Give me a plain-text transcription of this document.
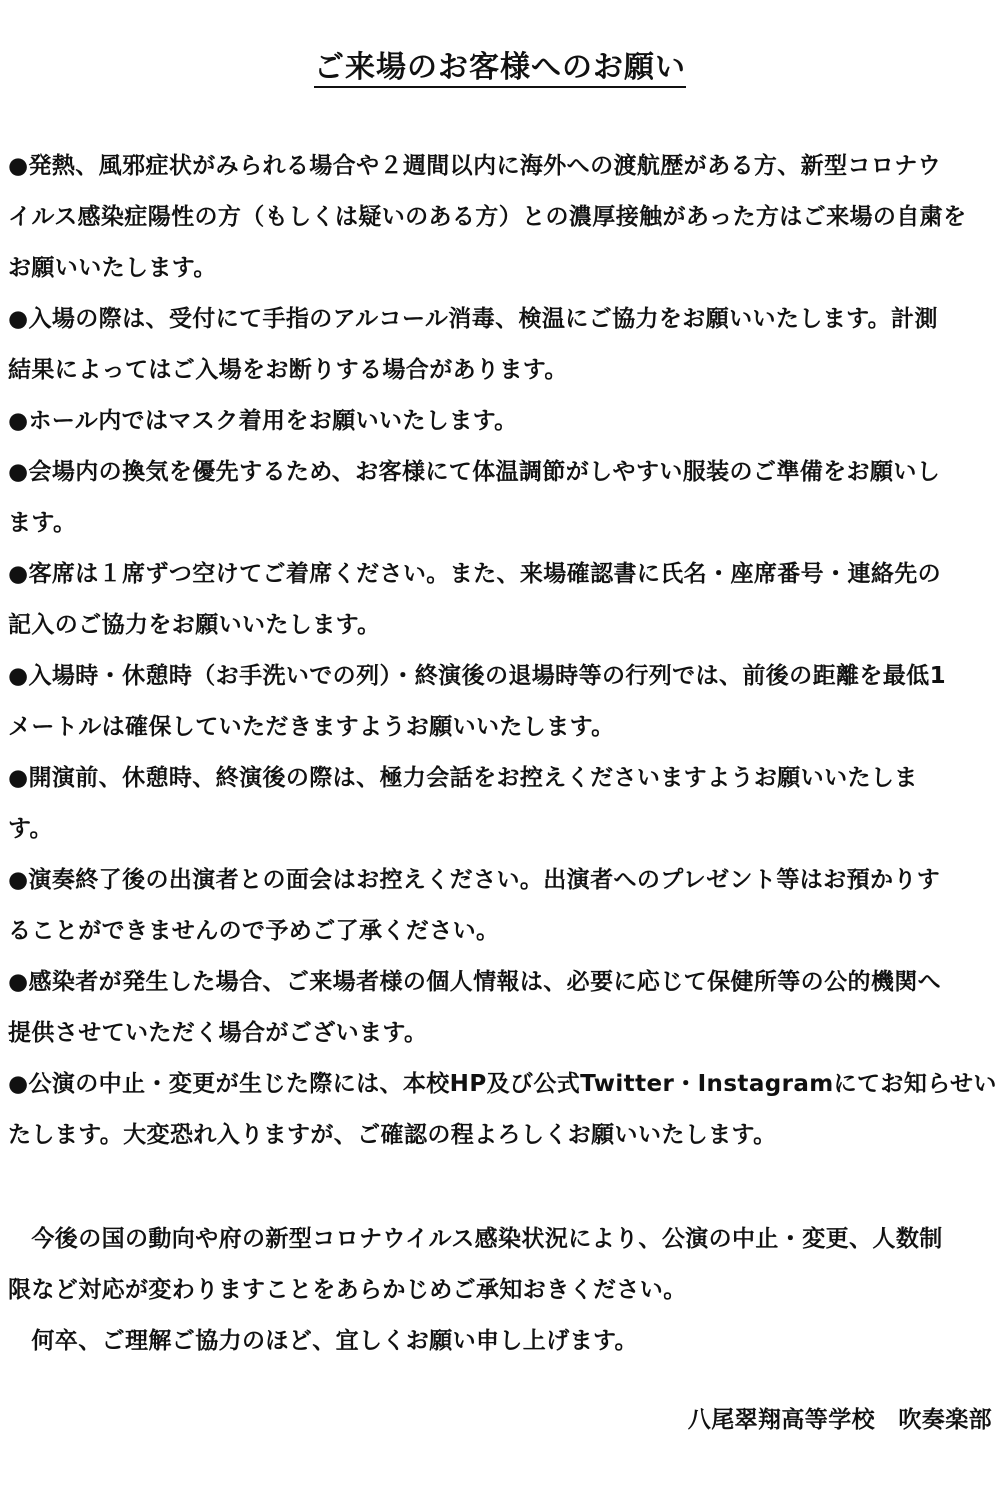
ご来場のお客様へのお願い

●発熱、風邪症状がみられる場合や２週間以内に海外への渡航歴がある方、新型コロナウ

イルス感染症陽性の方（もしくは疑いのある方）との濃厚接触があった方はご来場の自粛を

お願いいたします。

●入場の際は、受付にて手指のアルコール消毒、検温にご協力をお願いいたします。計測

結果によってはご入場をお断りする場合があります。

●ホール内ではマスク着用をお願いいたします。

●会場内の換気を優先するため、お客様にて体温調節がしやすい服装のご準備をお願いし

ます。

●客席は１席ずつ空けてご着席ください。また、来場確認書に氏名・座席番号・連絡先の

記入のご協力をお願いいたします。

●入場時・休憩時（お手洗いでの列）・終演後の退場時等の行列では、前後の距離を最低1

メートルは確保していただきますようお願いいたします。

●開演前、休憩時、終演後の際は、極力会話をお控えくださいますようお願いいたしま

す。

●演奏終了後の出演者との面会はお控えください。出演者へのプレゼント等はお預かりす

ることができませんので予めご了承ください。

●感染者が発生した場合、ご来場者様の個人情報は、必要に応じて保健所等の公的機関へ

提供させていただく場合がございます。

●公演の中止・変更が生じた際には、本校HP及び公式Twitter・Instagramにてお知らせい

たします。大変恐れ入りますが、ご確認の程よろしくお願いいたします。

　今後の国の動向や府の新型コロナウイルス感染状況により、公演の中止・変更、人数制

限など対応が変わりますことをあらかじめご承知おきください。

　何卒、ご理解ご協力のほど、宜しくお願い申し上げます。

八尾翠翔高等学校　吹奏楽部
